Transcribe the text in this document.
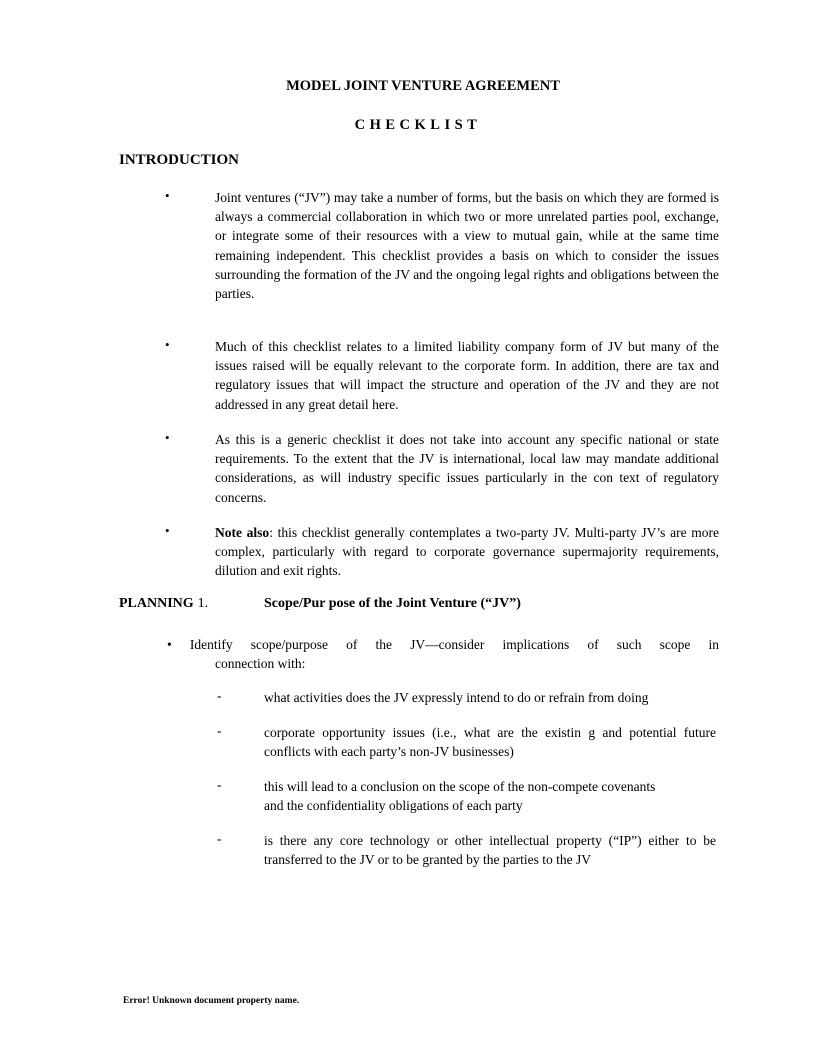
MODEL JOINT VENTURE AGREEMENT
CHECKLIST
INTRODUCTION
•	Joint ventures (“JV”) may take a number of forms, but the basis on which they are formed is always a commercial collaboration in which two or more unrelated parties pool, exchange, or integrate some of their resources with a view to mutual gain, while at the same time remaining independent. This checklist provides a basis on which to consider the issues surrounding the formation of the JV and the ongoing legal rights and obligations between the parties.
•	Much of this checklist relates to a limited liability company form of JV but many of the issues raised will be equally relevant to the corporate form. In addition, there are tax and regulatory issues that will impact the structure and operation of the JV and they are not addressed in any great detail here.
•	As this is a generic checklist it does not take into account any specific national or state requirements. To the extent that the JV is international, local law may mandate additional considerations, as will industry specific issues particularly in the con text of regulatory concerns.
•	Note also: this checklist generally contemplates a two-party JV. Multi-party JV’s are more complex, particularly with regard to corporate governance supermajority requirements, dilution and exit rights.
PLANNING 1.	Scope/Pur pose of the Joint Venture (“JV”)
• Identify scope/purpose of the JV—consider implications of such scope in
connection with:
-	what activities does the JV expressly intend to do or refrain from doing
-	corporate opportunity issues (i.e., what are the existin g and potential future conflicts with each party’s non-JV businesses)
-	this will lead to a conclusion on the scope of the non-compete covenants and the confidentiality obligations of each party
-	is there any core technology or other intellectual property (“IP”) either to be transferred to the JV or to be granted by the parties to the JV
Error! Unknown document property name.
